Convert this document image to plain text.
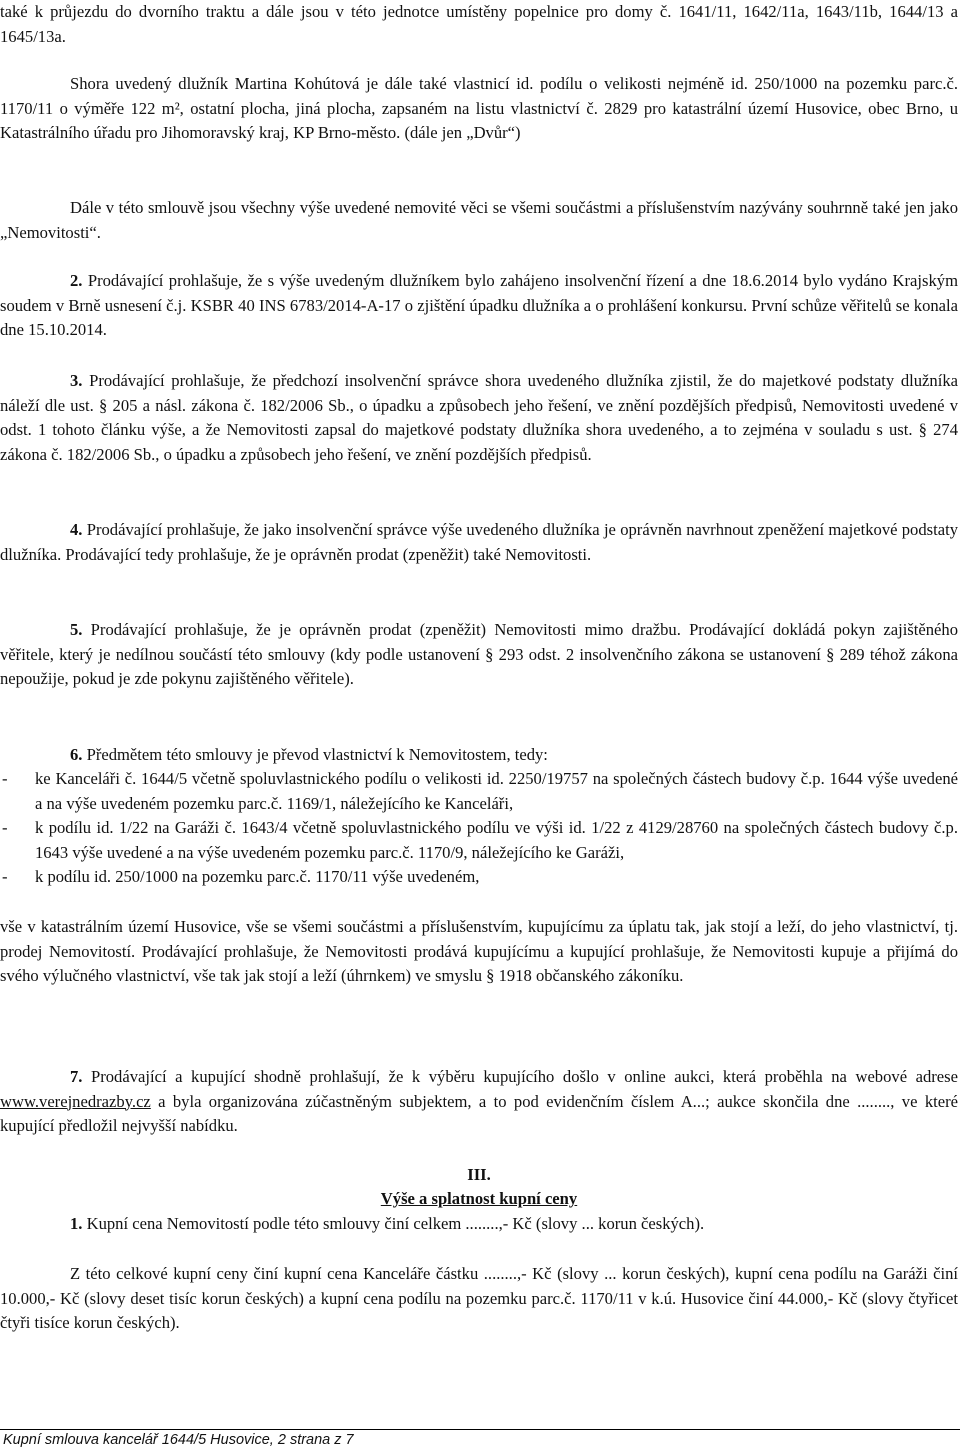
také k průjezdu do dvorního traktu a dále jsou v této jednotce umístěny popelnice pro domy č. 1641/11, 1642/11a, 1643/11b, 1644/13 a 1645/13a.

Shora uvedený dlužník Martina Kohútová je dále také vlastnicí id. podílu o velikosti nejméně id. 250/1000 na pozemku parc.č. 1170/11 o výměře 122 m², ostatní plocha, jiná plocha, zapsaném na listu vlastnictví č. 2829 pro katastrální území Husovice, obec Brno, u Katastrálního úřadu pro Jihomoravský kraj, KP Brno-město. (dále jen „Dvůr“)

Dále v této smlouvě jsou všechny výše uvedené nemovité věci se všemi součástmi a příslušenstvím nazývány souhrnně také jen jako „Nemovitosti“.

2. Prodávající prohlašuje, že s výše uvedeným dlužníkem bylo zahájeno insolvenční řízení a dne 18.6.2014 bylo vydáno Krajským soudem v Brně usnesení č.j. KSBR 40 INS 6783/2014-A-17 o zjištění úpadku dlužníka a o prohlášení konkursu. První schůze věřitelů se konala dne 15.10.2014.

3. Prodávající prohlašuje, že předchozí insolvenční správce shora uvedeného dlužníka zjistil, že do majetkové podstaty dlužníka náleží dle ust. § 205 a násl. zákona č. 182/2006 Sb., o úpadku a způsobech jeho řešení, ve znění pozdějších předpisů, Nemovitosti uvedené v odst. 1 tohoto článku výše, a že Nemovitosti zapsal do majetkové podstaty dlužníka shora uvedeného, a to zejména v souladu s ust. § 274 zákona č. 182/2006 Sb., o úpadku a způsobech jeho řešení, ve znění pozdějších předpisů.

4. Prodávající prohlašuje, že jako insolvenční správce výše uvedeného dlužníka je oprávněn navrhnout zpeněžení majetkové podstaty dlužníka. Prodávající tedy prohlašuje, že je oprávněn prodat (zpeněžit) také Nemovitosti.

5. Prodávající prohlašuje, že je oprávněn prodat (zpeněžit) Nemovitosti mimo dražbu. Prodávající dokládá pokyn zajištěného věřitele, který je nedílnou součástí této smlouvy (kdy podle ustanovení § 293 odst. 2 insolvenčního zákona se ustanovení § 289 téhož zákona nepoužije, pokud je zde pokynu zajištěného věřitele).

6. Předmětem této smlouvy je převod vlastnictví k Nemovitostem, tedy:

- ke Kanceláři č. 1644/5 včetně spoluvlastnického podílu o velikosti id. 2250/19757 na společných částech budovy č.p. 1644 výše uvedené a na výše uvedeném pozemku parc.č. 1169/1, náležejícího ke Kanceláři,
- k podílu id. 1/22 na Garáži č. 1643/4 včetně spoluvlastnického podílu ve výši id. 1/22 z 4129/28760 na společných částech budovy č.p. 1643 výše uvedené a na výše uvedeném pozemku parc.č. 1170/9, náležejícího ke Garáži,
- k podílu id. 250/1000 na pozemku parc.č. 1170/11 výše uvedeném,

vše v katastrálním území Husovice, vše se všemi součástmi a příslušenstvím, kupujícímu za úplatu tak, jak stojí a leží, do jeho vlastnictví, tj. prodej Nemovitostí. Prodávající prohlašuje, že Nemovitosti prodává kupujícímu a kupující prohlašuje, že Nemovitosti kupuje a přijímá do svého výlučného vlastnictví, vše tak jak stojí a leží (úhrnkem) ve smyslu § 1918 občanského zákoníku.

7. Prodávající a kupující shodně prohlašují, že k výběru kupujícího došlo v online aukci, která proběhla na webové adrese www.verejnedrazby.cz a byla organizována zúčastněným subjektem, a to pod evidenčním číslem A...; aukce skončila dne ........, ve které kupující předložil nejvyšší nabídku.

III.

Výše a splatnost kupní ceny

1. Kupní cena Nemovitostí podle této smlouvy činí celkem ........,- Kč (slovy ... korun českých).

Z této celkové kupní ceny činí kupní cena Kanceláře částku ........,- Kč (slovy ... korun českých), kupní cena podílu na Garáži činí 10.000,- Kč (slovy deset tisíc korun českých) a kupní cena podílu na pozemku parc.č. 1170/11 v k.ú. Husovice činí 44.000,- Kč (slovy čtyřicet čtyři tisíce korun českých).

Kupní smlouva kancelář 1644/5 Husovice, 2 strana z 7
